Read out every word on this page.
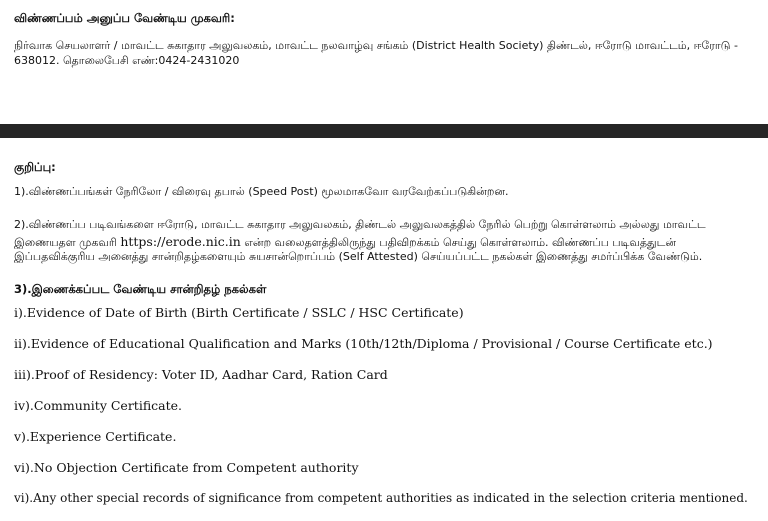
விண்ணப்பம் அனுப்ப வேண்டிய முகவரி:
நிர்வாக செயலாளர் / மாவட்ட சுகாதார அலுவலகம், மாவட்ட நலவாழ்வு சங்கம் (District Health Society) திண்டல், ஈரோடு மாவட்டம், ஈரோடு -
638012. தொலைபேசி எண்:0424-2431020
குறிப்பு:
1).விண்ணப்பங்கள் நேரிலோ / விரைவு தபால் (Speed Post) மூலமாகவோ வரவேற்கப்படுகின்றன.
2).விண்ணப்ப படிவங்களை ஈரோடு, மாவட்ட சுகாதார அலுவலகம், திண்டல் அலுவலகத்தில் நேரில் பெற்று கொள்ளலாம் அல்லது மாவட்ட
இணையதள முகவரி https://erode.nic.in என்ற வலைதளத்திலிருந்து பதிவிறக்கம் செய்து கொள்ளலாம். விண்ணப்ப படிவத்துடன்
இப்பதவிக்குரிய அனைத்து சான்றிதழ்களையும் சுயசான்றொப்பம் (Self Attested) செய்யப்பட்ட நகல்கள் இணைத்து சமர்ப்பிக்க வேண்டும்.
3).இணைக்கப்பட வேண்டிய சான்றிதழ் நகல்கள்
i).Evidence of Date of Birth (Birth Certificate / SSLC / HSC Certificate)
ii).Evidence of Educational Qualification and Marks (10th/12th/Diploma / Provisional / Course Certificate etc.)
iii).Proof of Residency: Voter ID, Aadhar Card, Ration Card
iv).Community Certificate.
v).Experience Certificate.
vi).No Objection Certificate from Competent authority
vi).Any other special records of significance from competent authorities as indicated in the selection criteria mentioned.
